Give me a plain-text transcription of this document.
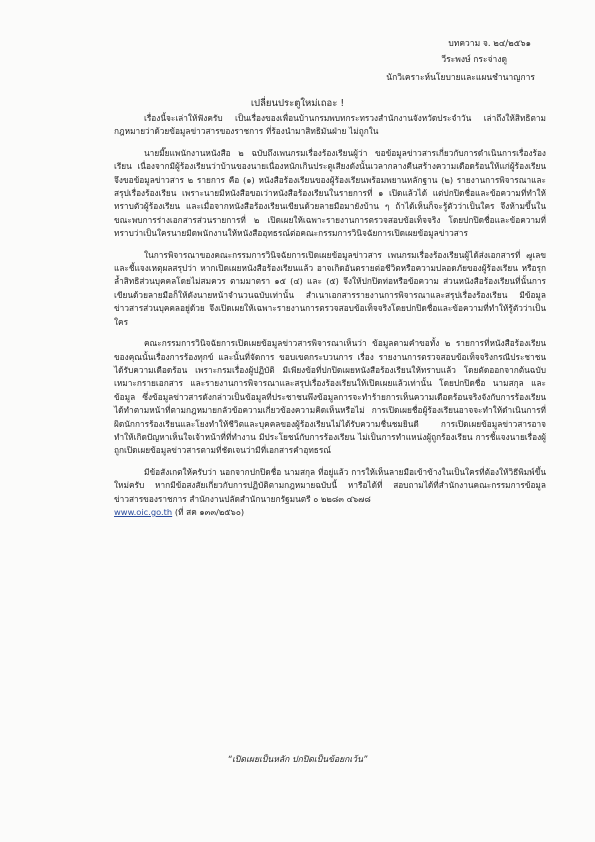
บทความ จ. ๒๔/๒๕๖๑
วีระพงษ์ กระจ่างดู
นักวิเคราะห์นโยบายและแผนชำนาญการ
เปลี่ยนประตูใหม่เถอะ !

เรื่องนี้จะเล่าให้ฟังครับ เป็นเรื่องของเพื่อนบ้านกรมพบทกระทรวงสำนักงานจังหวัดประจำวัน เล่าถึงให้สิทธิตามกฎหมายว่าด้วยข้อมูลข่าวสารของราชการ ที่ร้องนำมาสิทธิมันฝ่าย ไม่ถูกใน

นายมี๊ยแพนักงานหนังสือ ๒ ฉบับถึงเพนกรมเรื่องร้องเรียนผู้ว่า ขอข้อมูลข่าวสารเกี่ยวกับการดำเนินการเรื่องร้องเรียน เนื่องจากมีผู้ร้องเรียนว่าบ้านของนายเนื่องหนักเกินประตูเสียงดังนั้นเวลากลางคืนสร้างความเดือดร้อนให้แก่ผู้ร้องเรียน จึงขอข้อมูลข่าวสาร ๒ รายการ คือ (๑) หนังสือร้องเรียนของผู้ร้องเรียนพร้อมพยานหลักฐาน (๒) รายงานการพิจารณาและสรุปเรื่องร้องเรียน เพราะนายมีหนังสือขอเว่าหนังสือร้องเรียนในรายการที่ ๑ เปิดแล้วได้ แต่ปกปิดชื่อและข้อความที่ทำให้ทราบตัวผู้ร้องเรียน และเมื่อจากหนังสือร้องเรียนเขียนด้วยลายมือมายังบ้าน ๆ ถ้าได้เห็นก็จะรู้ตัวว่าเป็นใคร จึงห้ามขึ้นในขณะพบการร่างเอกสารส่วนรายการที่ ๒ เปิดเผยให้เฉพาะรายงานการตรวจสอบข้อเท็จจริง โดยปกปิดชื่อและข้อความที่ทราบว่าเป็นใครนายมีดพนักงานให้หนังสืออุทธรณ์ต่อคณะกรรมการวินิจฉัยการเปิดเผยข้อมูลข่าวสาร

ในการพิจารณาของคณะกรรมการวินิจฉัยการเปิดเผยข้อมูลข่าวสาร เพนกรมเรื่องร้องเรียนผู้ได้ส่งเอกสารที่ ๗ูเลขและชี้แจงเหตุผลสรุปว่า หากเปิดเผยหนังสือร้องเรียนแล้ว อาจเกิดอันตรายต่อชีวิตหรือความปลอดภัยของผู้ร้องเรียน หรือรุกล้ำสิทธิส่วนบุคคลโดยไม่สมควร ตามมาตรา ๑๕ (๔) และ (๕) จึงให้ปกปิดท่อหรือข้อความ ส่วนหนังสือร้องเรียนที่นั้นการเขียนด้วยลายมือก็ให้ดังนายหน้าจำนวนฉบับเท่านั้น สำเนาเอกสารรายงานการพิจารณาและสรุปเรื่องร้องเรียน มีข้อมูลข่าวสารส่วนบุคคลอยู่ด้วย จึงเปิดเผยให้เฉพาะรายงานการตรวจสอบข้อเท็จจริงโดยปกปิดชื่อและข้อความที่ทำให้รู้ตัวว่าเป็นใคร

คณะกรรมการวินิจฉัยการเปิดเผยข้อมูลข่าวสารพิจารณาเห็นว่า ข้อมูลตามคำขอทั้ง ๒ รายการที่หนังสือร้องเรียนของคุณนั้นเรื่องการร้องทุกข์ และนั้นที่จัดการ ขอบเขตกระบวนการ เรื่อง รายงานการตรวจสอบข้อเท็จจริงกรณีประชาชนได้รับความเดือดร้อน เพราะกรมเรื่องผู้ปฏิบัติ มีเพียงข้อที่ปกปิดเผยหนังสือร้องเรียนให้ทราบแล้ว โดยตัดออกจากต้นฉบับเหมาะกรายเอกสาร และรายงานการพิจารณาและสรุปเรื่องร้องเรียนให้เปิดเผยแล้วเท่านั้น โดยปกปิดชื่อ นามสกุล และข้อมูล ซึ่งข้อมูลข่าวสารดังกล่าวเป็นข้อมูลที่ประชาชนพึงข้อมูลการจะทำร้ายการเห็นความเดือดร้อนจริงจังกับการร้องเรียนได้ทำตามหน้าที่ตามกฎหมายกลัวข้อความเกี่ยวข้องความคิดเห็นหรือไม่ การเปิดเผยชื่อผู้ร้องเรียนอาจจะทำให้ดำเนินการที่ผิดนักการร้องเรียนและโยงทำให้ชีวิตและบุคคลของผู้ร้องเรียนไม่ได้รับความชื่นชมยินดี การเปิดเผยข้อมูลข่าวสารอาจทำให้เกิดปัญหาเห็นใจเจ้าหน้าที่ที่ทำงาน มีประโยชน์กับการร้องเรียน ไม่เป็นการทำแหน่งผู้ถูกร้องเรียน การชี้แจงนายเรื่องผู้ถูกเปิดเผยข้อมูลข่าวสารตามที่ชัดเจนว่ามีที่เอกสารคำอุทธรณ์

มีข้อสังเกตให้ครับว่า นอกจากปกปิดชื่อ นามสกุล ที่อยู่แล้ว การให้เห็นลายมือเข้าข้างในเป็นใครที่ต้องให้วิธีพิมพ์ขึ้นใหม่ครับ หากมีข้อสงสัยเกี่ยวกับการปฏิบัติตามกฎหมายฉบับนี้ หารือได้ที่ สอบถามได้ที่สำนักงานคณะกรรมการข้อมูลข่าวสารของราชการ สำนักงานปลัดสำนักนายกรัฐมนตรี ๐ ๒๒๘๓ ๔๖๗๘
www.oic.go.th (ที่ สค ๑๓๓/๒๕๖๐)

“เปิดเผยเป็นหลัก ปกปิดเป็นข้อยกเว้น”
